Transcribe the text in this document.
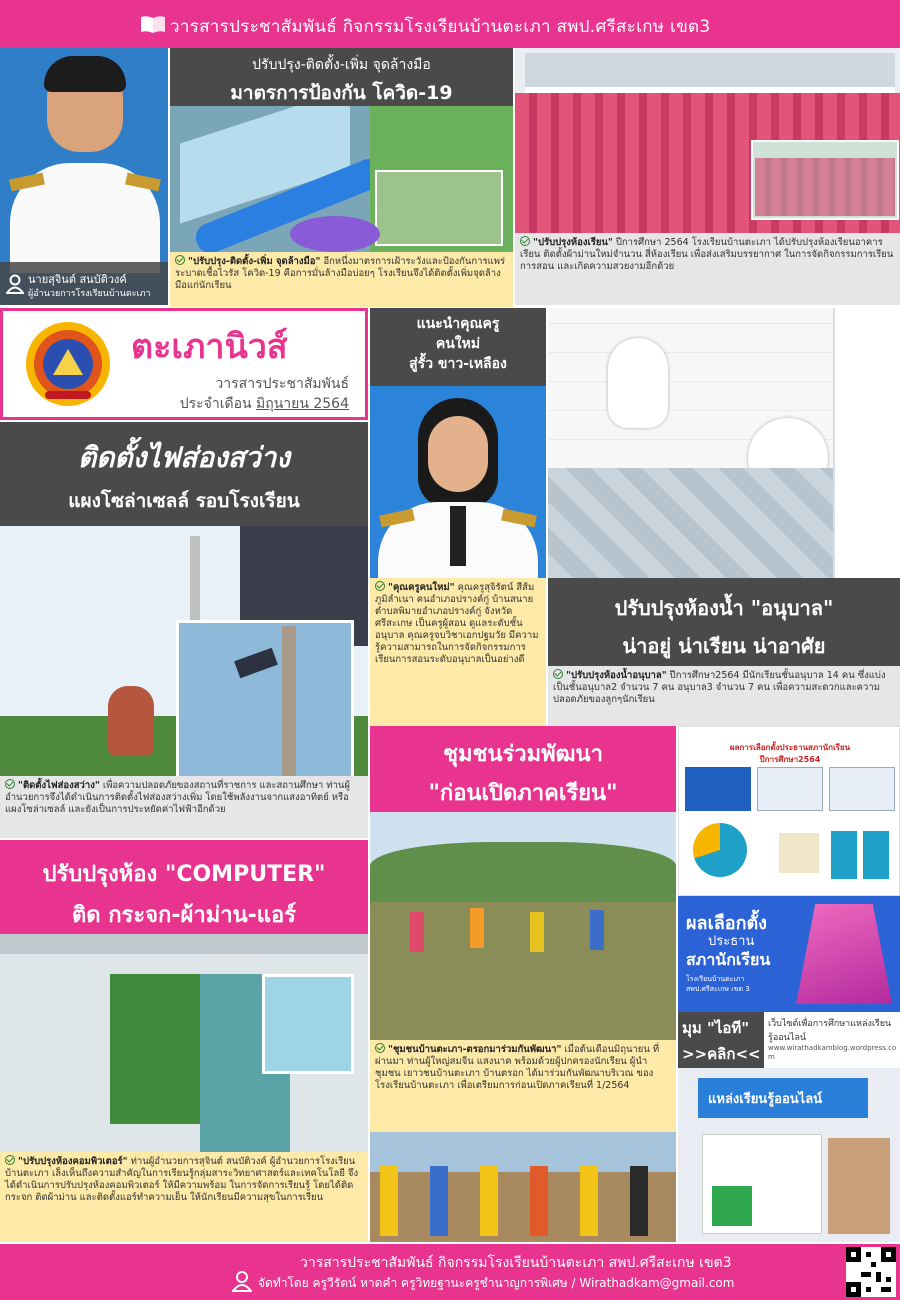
วารสารประชาสัมพันธ์ กิจกรรมโรงเรียนบ้านตะเภา สพป.ศรีสะเกษ เขต3
นายสุจินต์ สนบัติวงค์
ผู้อำนวยการโรงเรียนบ้านตะเภา
ปรับปรุง-ติดตั้ง-เพิ่ม จุดล้างมือ
มาตรการป้องกัน โควิด-19
"ปรับปรุง-ติดตั้ง-เพิ่ม จุดล้างมือ" อีกหนึ่งมาตรการเฝ้าระวังและป้องกันการแพร่ระบาดเชื้อไวรัส โควิด-19 คือการมั่นล้างมือบ่อยๆ โรงเรียนจึงได้ติดตั้งเพิ่มจุดล้างมือแก่นักเรียน
"ปรับปรุงห้องเรียน" ปีการศึกษา 2564 โรงเรียนบ้านตะเภา ได้ปรับปรุงห้องเรียนอาคารเรียน ติดตั้งผ้าม่านใหม่จำนวน สี่ห้องเรียน เพื่อส่งเสริมบรรยากาศ ในการจัดกิจกรรมการเรียนการสอน และเกิดความสวยงามอีกด้วย
ตะเภานิวส์
วารสารประชาสัมพันธ์
ประจำเดือน มิถุนายน 2564
แนะนำคุณครู
คนใหม่
สู่รั้ว ขาว-เหลือง
"คุณครูคนใหม่" คุณครูสุจิรัตน์ สีส้ม ภูมิลำเนา คนอำเภอปรางค์กู่ บ้านสนาย ตำบลพิมายอำเภอปรางค์กู่ จังหวัดศรีสะเกษ เป็นครูผู้สอน ดูแลระดับชั้นอนุบาล คุณครูจบวิชาเอกปฐมวัย มีความรู้ความสามารถในการจัดกิจกรรมการเรียนการสอนระดับอนุบาลเป็นอย่างดี
ปรับปรุงห้องน้ำ "อนุบาล"
น่าอยู่ น่าเรียน น่าอาศัย
"ปรับปรุงห้องน้ำอนุบาล" ปีการศึกษา2564 มีนักเรียนชั้นอนุบาล 14 คน ซึ่งแบ่งเป็นชั้นอนุบาล2 จำนวน 7 คน อนุบาล3 จำนวน 7 คน เพื่อความสะดวกและความปลอดภัยของลูกๆนักเรียน
ติดตั้งไฟส่องสว่าง
แผงโซล่าเซลล์ รอบโรงเรียน
"ติดตั้งไฟส่องสว่าง" เพื่อความปลอดภัยของสถานที่ราชการ และสถานศึกษา ท่านผู้อำนวยการจึงได้ดำเนินการติดตั้งไฟส่องสว่างเพิ่ม โดยใช้พลังงานจากแสงอาทิตย์ หรือแผงโซล่าเซลล์ และยังเป็นการประหยัดค่าไฟฟ้าอีกด้วย
ชุมชนร่วมพัฒนา
"ก่อนเปิดภาคเรียน"
"ชุมชนบ้านตะเภา-ตรอกมาร่วมกันพัฒนา" เมื่อต้นเดือนมิถุนายน ที่ผ่านมา ท่านผู้ใหญ่สมจีน แสงนาค พร้อมด้วยผู้ปกครองนักเรียน ผู้นำชุมชน เยาวชนบ้านตะเภา บ้านตรอก ได้มาร่วมกันพัฒนาบริเวณ ของโรงเรียนบ้านตะเภา เพื่อเตรียมการก่อนเปิดภาคเรียนที่ 1/2564
ผลการเลือกตั้งประธานสภานักเรียน
ปีการศึกษา2564
ผลเลือกตั้ง
ประธาน
สภานักเรียน
โรงเรียนบ้านตะเภา
สพป.ศรีสะเกษ เขต 3
ปรับปรุงห้อง "COMPUTER"
ติด กระจก-ผ้าม่าน-แอร์
"ปรับปรุงห้องคอมพิวเตอร์" ท่านผู้อำนวยการสุจินต์ สนบัติวงค์ ผู้อำนวยการโรงเรียนบ้านตะเภา เล็งเห็นถึงความสำคัญในการเรียนรู้กลุ่มสาระวิทยาศาสตร์และเทคโนโลยี จึงได้ดำเนินการปรับปรุงห้องคอมพิวเตอร์ ให้มีความพร้อม ในการจัดการเรียนรู้ โดยได้ติดกระจก ติดผ้าม่าน และติดตั้งแอร์ทำความเย็น ให้นักเรียนมีความสุขในการเรียน
มุม "ไอที"
>>คลิก<<
เว็บไซต์เพื่อการศึกษาแหล่งเรียน
รู้ออนไลน์
www.wirathadkamblog.wordpress.com
แหล่งเรียนรู้ออนไลน์
วารสารประชาสัมพันธ์ กิจกรรมโรงเรียนบ้านตะเภา สพป.ศรีสะเกษ เขต3
จัดทำโดย ครูวีรัตน์ หาดคำ ครูวิทยฐานะครูชำนาญการพิเศษ / Wirathadkam@gmail.com
